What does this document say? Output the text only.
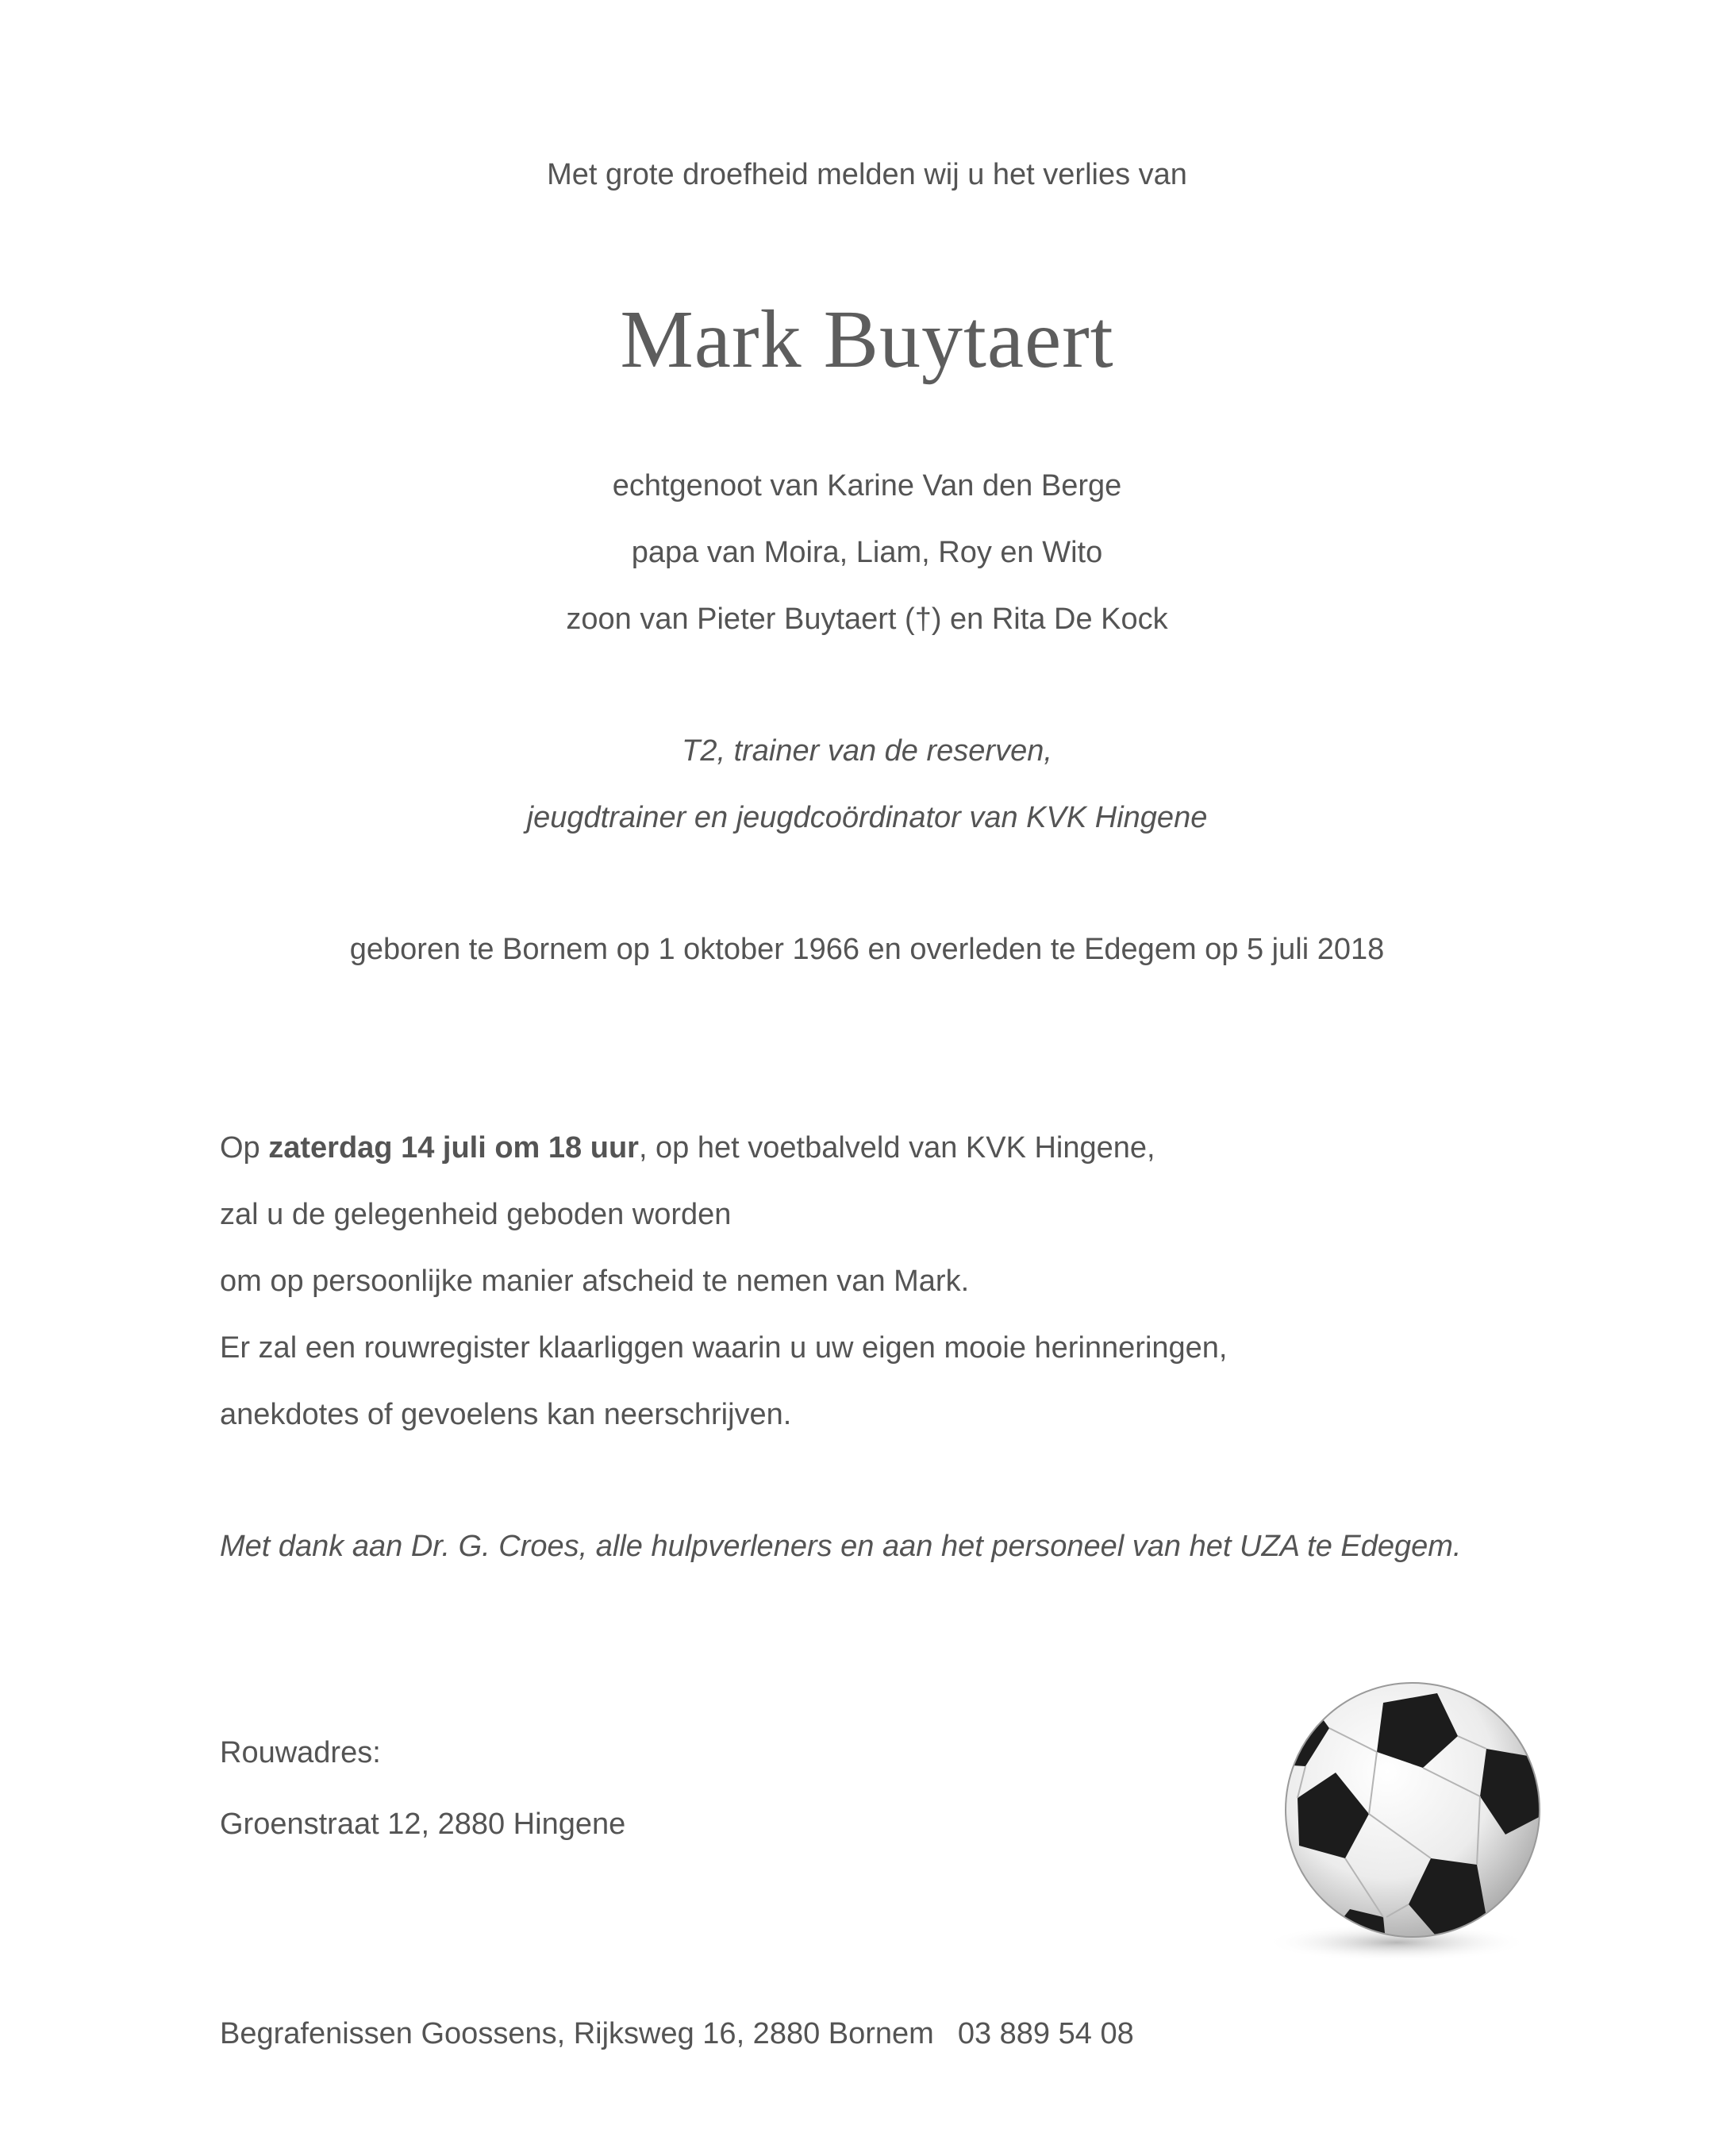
Met grote droefheid melden wij u het verlies van
Mark Buytaert
echtgenoot van Karine Van den Berge
papa van Moira, Liam, Roy en Wito
zoon van Pieter Buytaert (†) en Rita De Kock
T2, trainer van de reserven,
jeugdtrainer en jeugdcoördinator van KVK Hingene
geboren te Bornem op 1 oktober 1966 en overleden te Edegem op 5 juli 2018
Op zaterdag 14 juli om 18 uur, op het voetbalveld van KVK Hingene,
zal u de gelegenheid geboden worden
om op persoonlijke manier afscheid te nemen van Mark.
Er zal een rouwregister klaarliggen waarin u uw eigen mooie herinneringen,
anekdotes of gevoelens kan neerschrijven.
Met dank aan Dr. G. Croes, alle hulpverleners en aan het personeel van het UZA te Edegem.
Rouwadres:
Groenstraat 12, 2880 Hingene
Begrafenissen Goossens, Rijksweg 16, 2880 Bornem 03 889 54 08
